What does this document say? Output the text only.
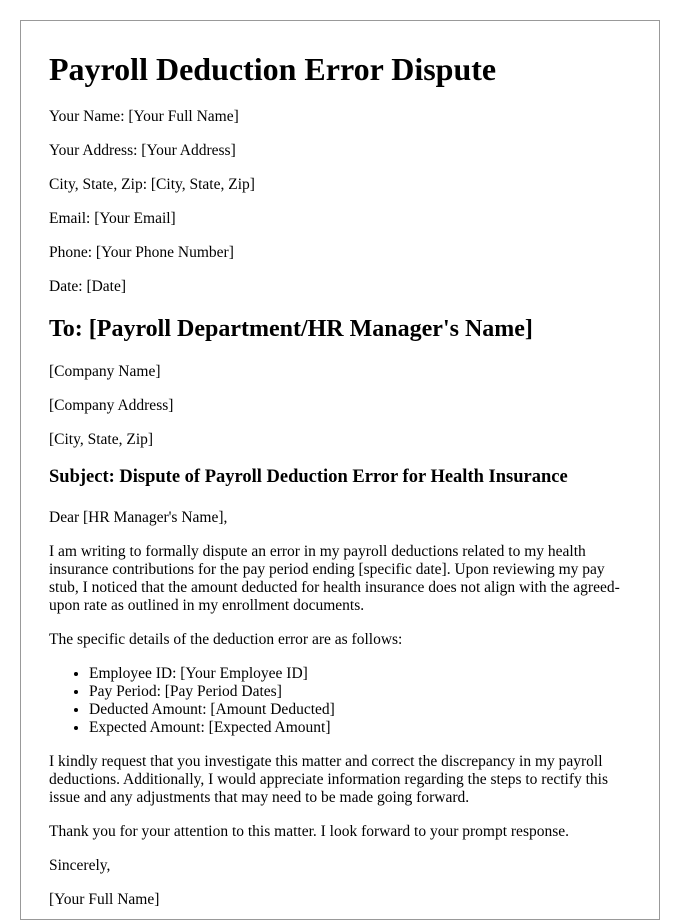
Payroll Deduction Error Dispute

Your Name: [Your Full Name]

Your Address: [Your Address]

City, State, Zip: [City, State, Zip]

Email: [Your Email]

Phone: [Your Phone Number]

Date: [Date]

To: [Payroll Department/HR Manager's Name]

[Company Name]

[Company Address]

[City, State, Zip]

Subject: Dispute of Payroll Deduction Error for Health Insurance

Dear [HR Manager's Name],

I am writing to formally dispute an error in my payroll deductions related to my health insurance contributions for the pay period ending [specific date]. Upon reviewing my pay stub, I noticed that the amount deducted for health insurance does not align with the agreed-upon rate as outlined in my enrollment documents.

The specific details of the deduction error are as follows:

• Employee ID: [Your Employee ID]
• Pay Period: [Pay Period Dates]
• Deducted Amount: [Amount Deducted]
• Expected Amount: [Expected Amount]

I kindly request that you investigate this matter and correct the discrepancy in my payroll deductions. Additionally, I would appreciate information regarding the steps to rectify this issue and any adjustments that may need to be made going forward.

Thank you for your attention to this matter. I look forward to your prompt response.

Sincerely,

[Your Full Name]
